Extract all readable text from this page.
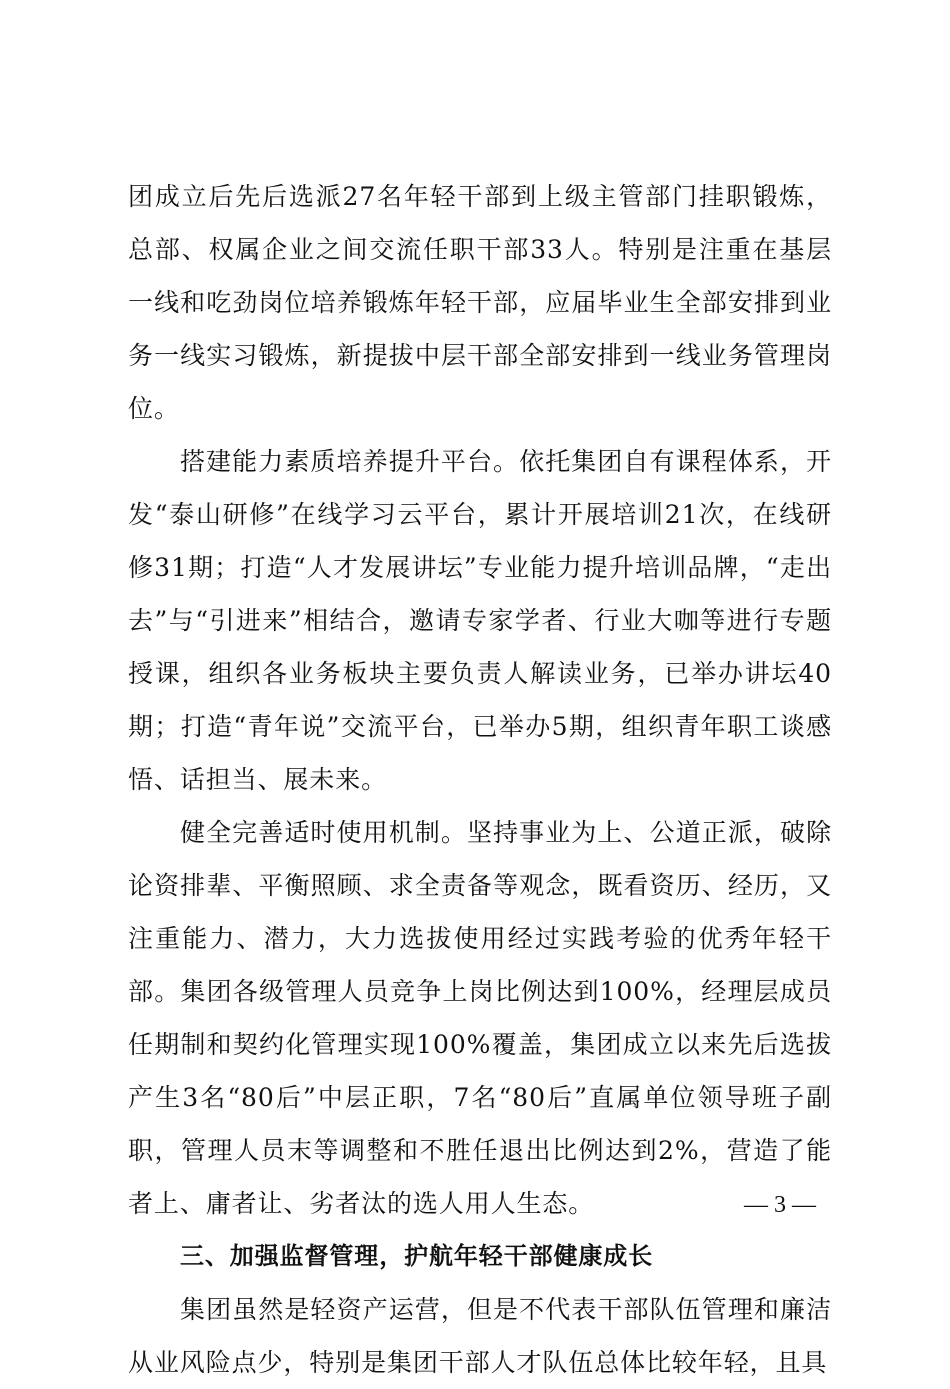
团成立后先后选派27名年轻干部到上级主管部门挂职锻炼，总部、权属企业之间交流任职干部33人。特别是注重在基层一线和吃劲岗位培养锻炼年轻干部，应届毕业生全部安排到业务一线实习锻炼，新提拔中层干部全部安排到一线业务管理岗位。

搭建能力素质培养提升平台。依托集团自有课程体系，开发“泰山研修”在线学习云平台，累计开展培训21次，在线研修31期；打造“人才发展讲坛”专业能力提升培训品牌，“走出去”与“引进来”相结合，邀请专家学者、行业大咖等进行专题授课，组织各业务板块主要负责人解读业务，已举办讲坛40期；打造“青年说”交流平台，已举办5期，组织青年职工谈感悟、话担当、展未来。

健全完善适时使用机制。坚持事业为上、公道正派，破除论资排辈、平衡照顾、求全责备等观念，既看资历、经历，又注重能力、潜力，大力选拔使用经过实践考验的优秀年轻干部。集团各级管理人员竞争上岗比例达到100%，经理层成员任期制和契约化管理实现100%覆盖，集团成立以来先后选拔产生3名“80后”中层正职，7名“80后”直属单位领导班子副职，管理人员末等调整和不胜任退出比例达到2%，营造了能者上、庸者让、劣者汰的选人用人生态。

三、加强监督管理，护航年轻干部健康成长

集团虽然是轻资产运营，但是不代表干部队伍管理和廉洁从业风险点少，特别是集团干部人才队伍总体比较年轻，且具

— 3 —
